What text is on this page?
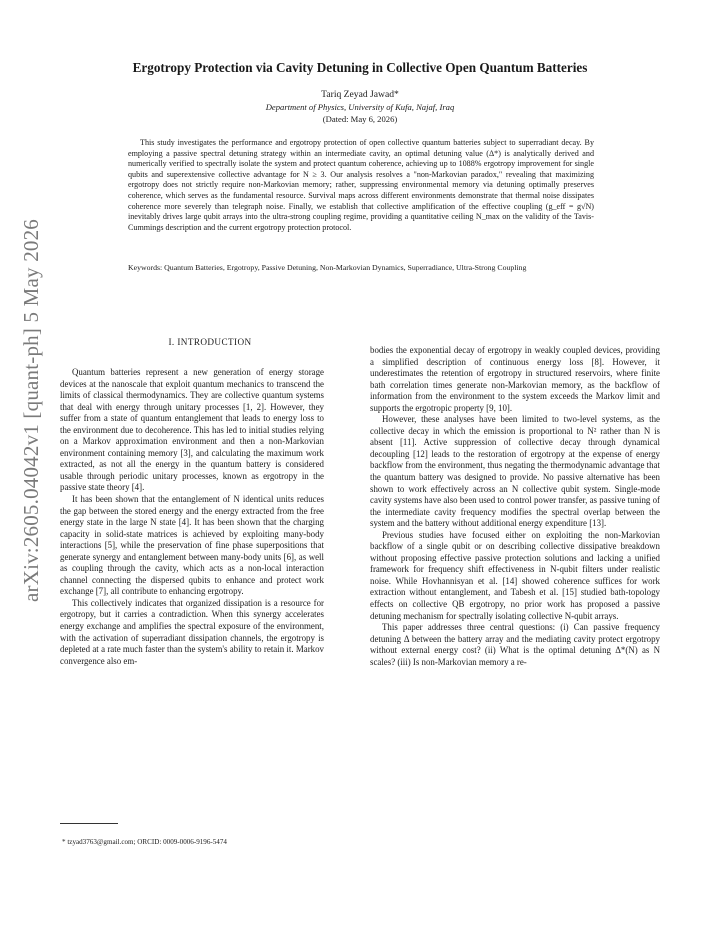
arXiv:2605.04042v1 [quant-ph] 5 May 2026
Ergotropy Protection via Cavity Detuning in Collective Open Quantum Batteries
Tariq Zeyad Jawad*
Department of Physics, University of Kufa, Najaf, Iraq
(Dated: May 6, 2026)
This study investigates the performance and ergotropy protection of open collective quantum batteries subject to superradiant decay. By employing a passive spectral detuning strategy within an intermediate cavity, an optimal detuning value (Δ*) is analytically derived and numerically verified to spectrally isolate the system and protect quantum coherence, achieving up to 1088% ergotropy improvement for single qubits and superextensive collective advantage for N ≥ 3. Our analysis resolves a "non-Markovian paradox," revealing that maximizing ergotropy does not strictly require non-Markovian memory; rather, suppressing environmental memory via detuning optimally preserves coherence, which serves as the fundamental resource. Survival maps across different environments demonstrate that thermal noise dissipates coherence more severely than telegraph noise. Finally, we establish that collective amplification of the effective coupling (g_eff = g√N) inevitably drives large qubit arrays into the ultra-strong coupling regime, providing a quantitative ceiling N_max on the validity of the Tavis-Cummings description and the current ergotropy protection protocol.
Keywords: Quantum Batteries, Ergotropy, Passive Detuning, Non-Markovian Dynamics, Superradiance, Ultra-Strong Coupling
I. INTRODUCTION

Quantum batteries represent a new generation of energy storage devices at the nanoscale that exploit quantum mechanics to transcend the limits of classical thermodynamics. They are collective quantum systems that deal with energy through unitary processes [1, 2]. However, they suffer from a state of quantum entanglement that leads to energy loss to the environment due to decoherence. This has led to initial studies relying on a Markov approximation environment and then a non-Markovian environment containing memory [3], and calculating the maximum work extracted, as not all the energy in the quantum battery is considered usable through periodic unitary processes, known as ergotropy in the passive state theory [4].

It has been shown that the entanglement of N identical units reduces the gap between the stored energy and the energy extracted from the free energy state in the large N state [4]. It has been shown that the charging capacity in solid-state matrices is achieved by exploiting many-body interactions [5], while the preservation of fine phase superpositions that generate synergy and entanglement between many-body units [6], as well as coupling through the cavity, which acts as a non-local interaction channel connecting the dispersed qubits to enhance and protect work exchange [7], all contribute to enhancing ergotropy.

This collectively indicates that organized dissipation is a resource for ergotropy, but it carries a contradiction. When this synergy accelerates energy exchange and amplifies the spectral exposure of the environment, with the activation of superradiant dissipation channels, the ergotropy is depleted at a rate much faster than the system's ability to retain it. Markov convergence also em-

bodies the exponential decay of ergotropy in weakly coupled devices, providing a simplified description of continuous energy loss [8]. However, it underestimates the retention of ergotropy in structured reservoirs, where finite bath correlation times generate non-Markovian memory, as the backflow of information from the environment to the system exceeds the Markov limit and supports the ergotropic property [9, 10].

However, these analyses have been limited to two-level systems, as the collective decay in which the emission is proportional to N² rather than N is absent [11]. Active suppression of collective decay through dynamical decoupling [12] leads to the restoration of ergotropy at the expense of energy backflow from the environment, thus negating the thermodynamic advantage that the quantum battery was designed to provide. No passive alternative has been shown to work effectively across an N collective qubit system. Single-mode cavity systems have also been used to control power transfer, as passive tuning of the intermediate cavity frequency modifies the spectral overlap between the system and the battery without additional energy expenditure [13].

Previous studies have focused either on exploiting the non-Markovian backflow of a single qubit or on describing collective dissipative breakdown without proposing effective passive protection solutions and lacking a unified framework for frequency shift effectiveness in N-qubit filters under realistic noise. While Hovhannisyan et al. [14] showed coherence suffices for work extraction without entanglement, and Tabesh et al. [15] studied bath-topology effects on collective QB ergotropy, no prior work has proposed a passive detuning mechanism for spectrally isolating collective N-qubit arrays.

This paper addresses three central questions: (i) Can passive frequency detuning Δ between the battery array and the mediating cavity protect ergotropy without external energy cost? (ii) What is the optimal detuning Δ*(N) as N scales? (iii) Is non-Markovian memory a re-

* tzyad3763@gmail.com; ORCID: 0009-0006-9196-5474
